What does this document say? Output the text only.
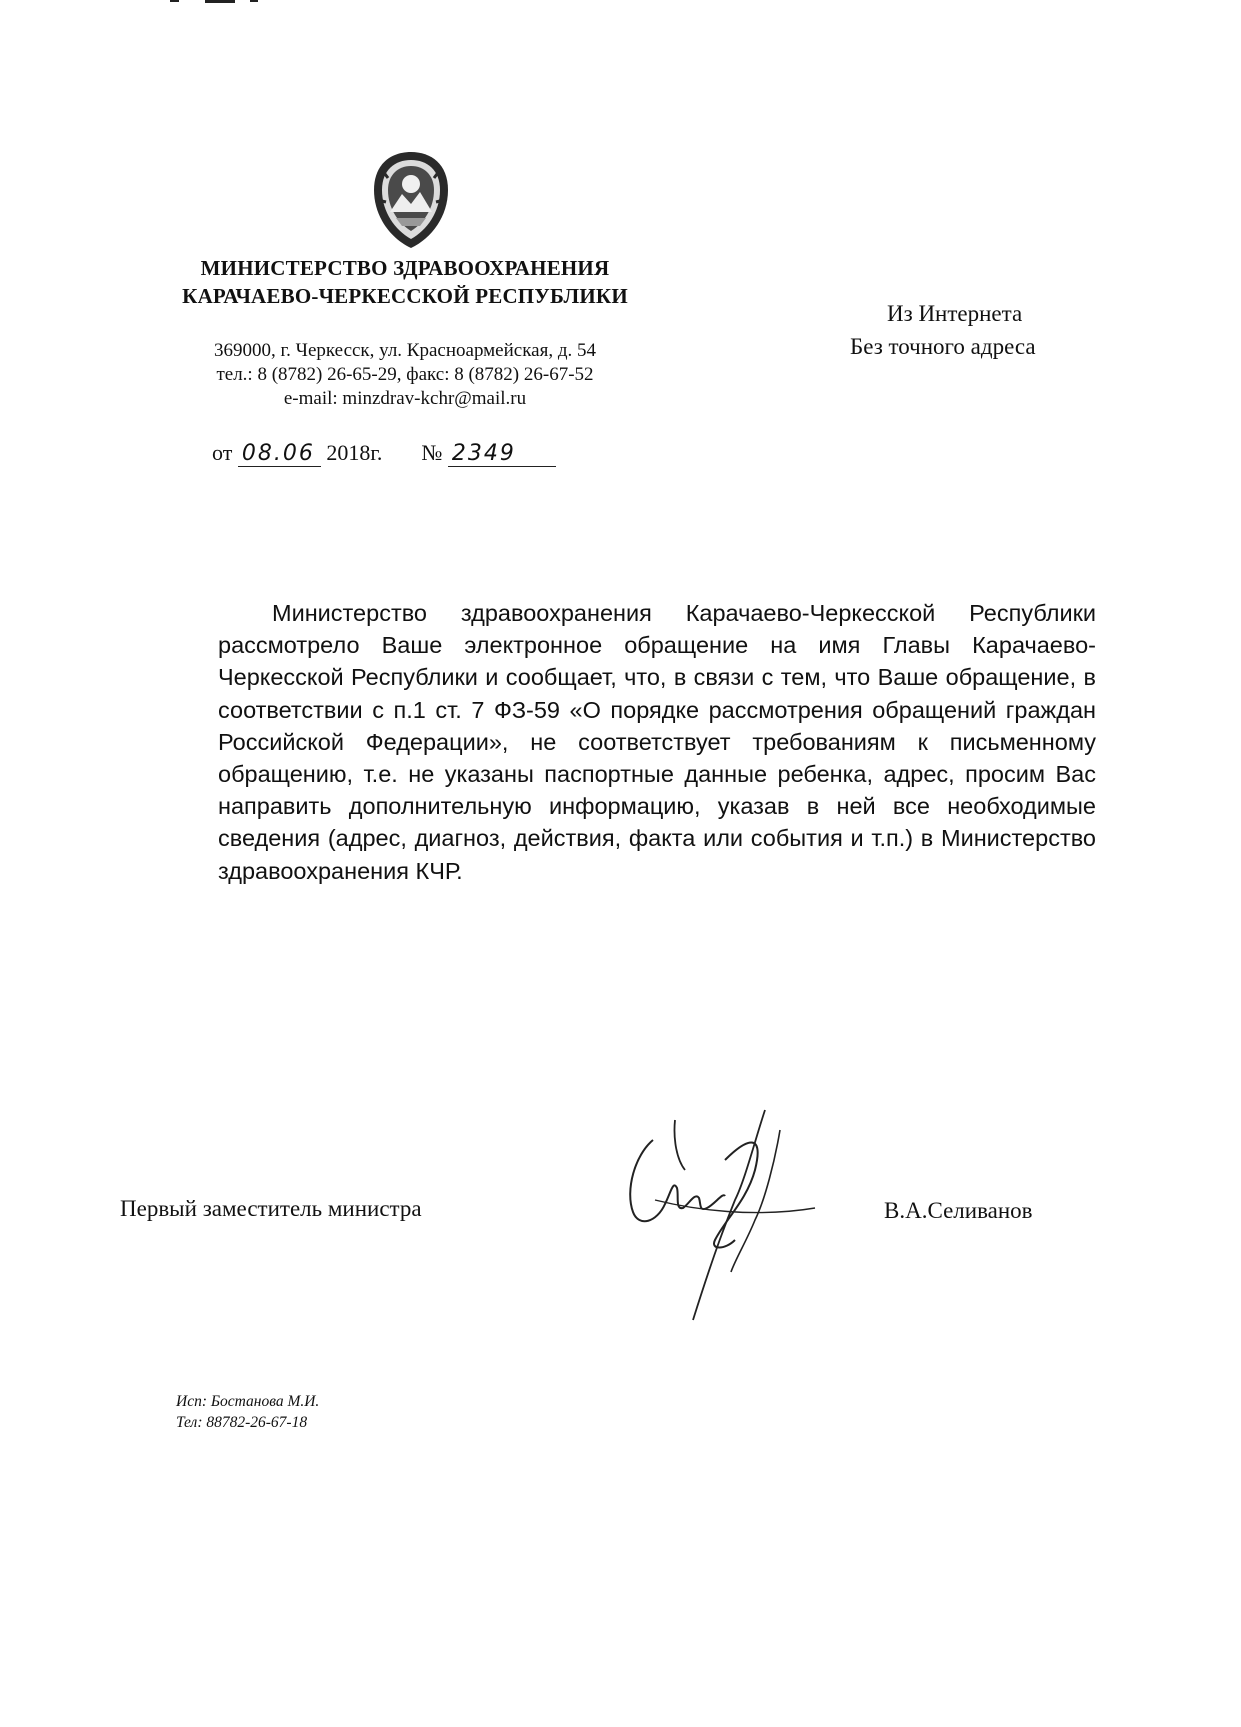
МИНИСТЕРСТВО ЗДРАВООХРАНЕНИЯ
КАРАЧАЕВО-ЧЕРКЕССКОЙ РЕСПУБЛИКИ
369000, г. Черкесск, ул. Красноармейская, д. 54
тел.: 8 (8782) 26-65-29, факс: 8 (8782) 26-67-52
e-mail: minzdrav-kchr@mail.ru
от 08.06 2018г. № 2349
Из Интернета
Без точного адреса

Министерство здравоохранения Карачаево-Черкесской Республики рассмотрело Ваше электронное обращение на имя Главы Карачаево-Черкесской Республики и сообщает, что, в связи с тем, что Ваше обращение, в соответствии с п.1 ст. 7 ФЗ-59 «О порядке рассмотрения обращений граждан Российской Федерации», не соответствует требованиям к письменному обращению, т.е. не указаны паспортные данные ребенка, адрес, просим Вас направить дополнительную информацию, указав в ней все необходимые сведения (адрес, диагноз, действия, факта или события и т.п.) в Министерство здравоохранения КЧР.

Первый заместитель министра	В.А.Селиванов
Исп: Бостанова М.И.
Тел: 88782-26-67-18
